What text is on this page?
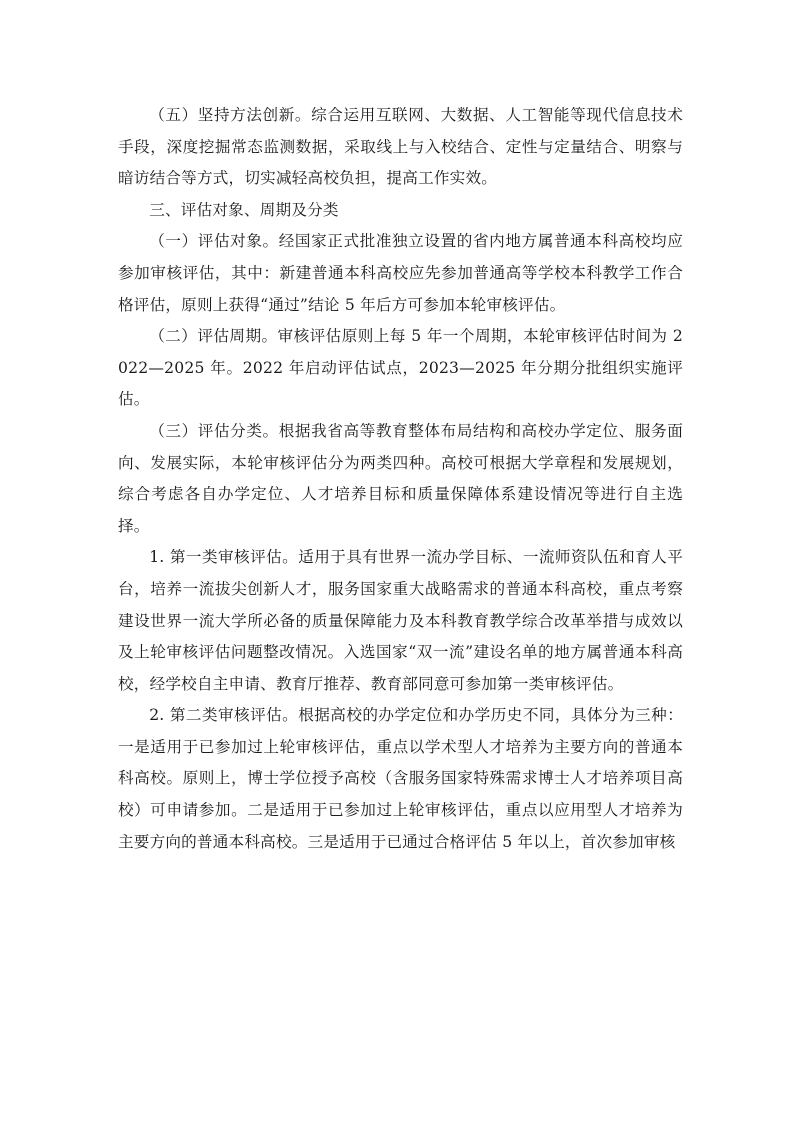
（五）坚持方法创新。综合运用互联网、大数据、人工智能等现代信息技术手段，深度挖掘常态监测数据，采取线上与入校结合、定性与定量结合、明察与暗访结合等方式，切实减轻高校负担，提高工作实效。

三、评估对象、周期及分类

（一）评估对象。经国家正式批准独立设置的省内地方属普通本科高校均应参加审核评估，其中：新建普通本科高校应先参加普通高等学校本科教学工作合格评估，原则上获得“通过”结论 5 年后方可参加本轮审核评估。

（二）评估周期。审核评估原则上每 5 年一个周期，本轮审核评估时间为 2022—2025 年。2022 年启动评估试点，2023—2025 年分期分批组织实施评估。

（三）评估分类。根据我省高等教育整体布局结构和高校办学定位、服务面向、发展实际，本轮审核评估分为两类四种。高校可根据大学章程和发展规划，综合考虑各自办学定位、人才培养目标和质量保障体系建设情况等进行自主选择。

1. 第一类审核评估。适用于具有世界一流办学目标、一流师资队伍和育人平台，培养一流拔尖创新人才，服务国家重大战略需求的普通本科高校，重点考察建设世界一流大学所必备的质量保障能力及本科教育教学综合改革举措与成效以及上轮审核评估问题整改情况。入选国家“双一流”建设名单的地方属普通本科高校，经学校自主申请、教育厅推荐、教育部同意可参加第一类审核评估。

2. 第二类审核评估。根据高校的办学定位和办学历史不同，具体分为三种：一是适用于已参加过上轮审核评估，重点以学术型人才培养为主要方向的普通本科高校。原则上，博士学位授予高校（含服务国家特殊需求博士人才培养项目高校）可申请参加。二是适用于已参加过上轮审核评估，重点以应用型人才培养为主要方向的普通本科高校。三是适用于已通过合格评估 5 年以上，首次参加审核
